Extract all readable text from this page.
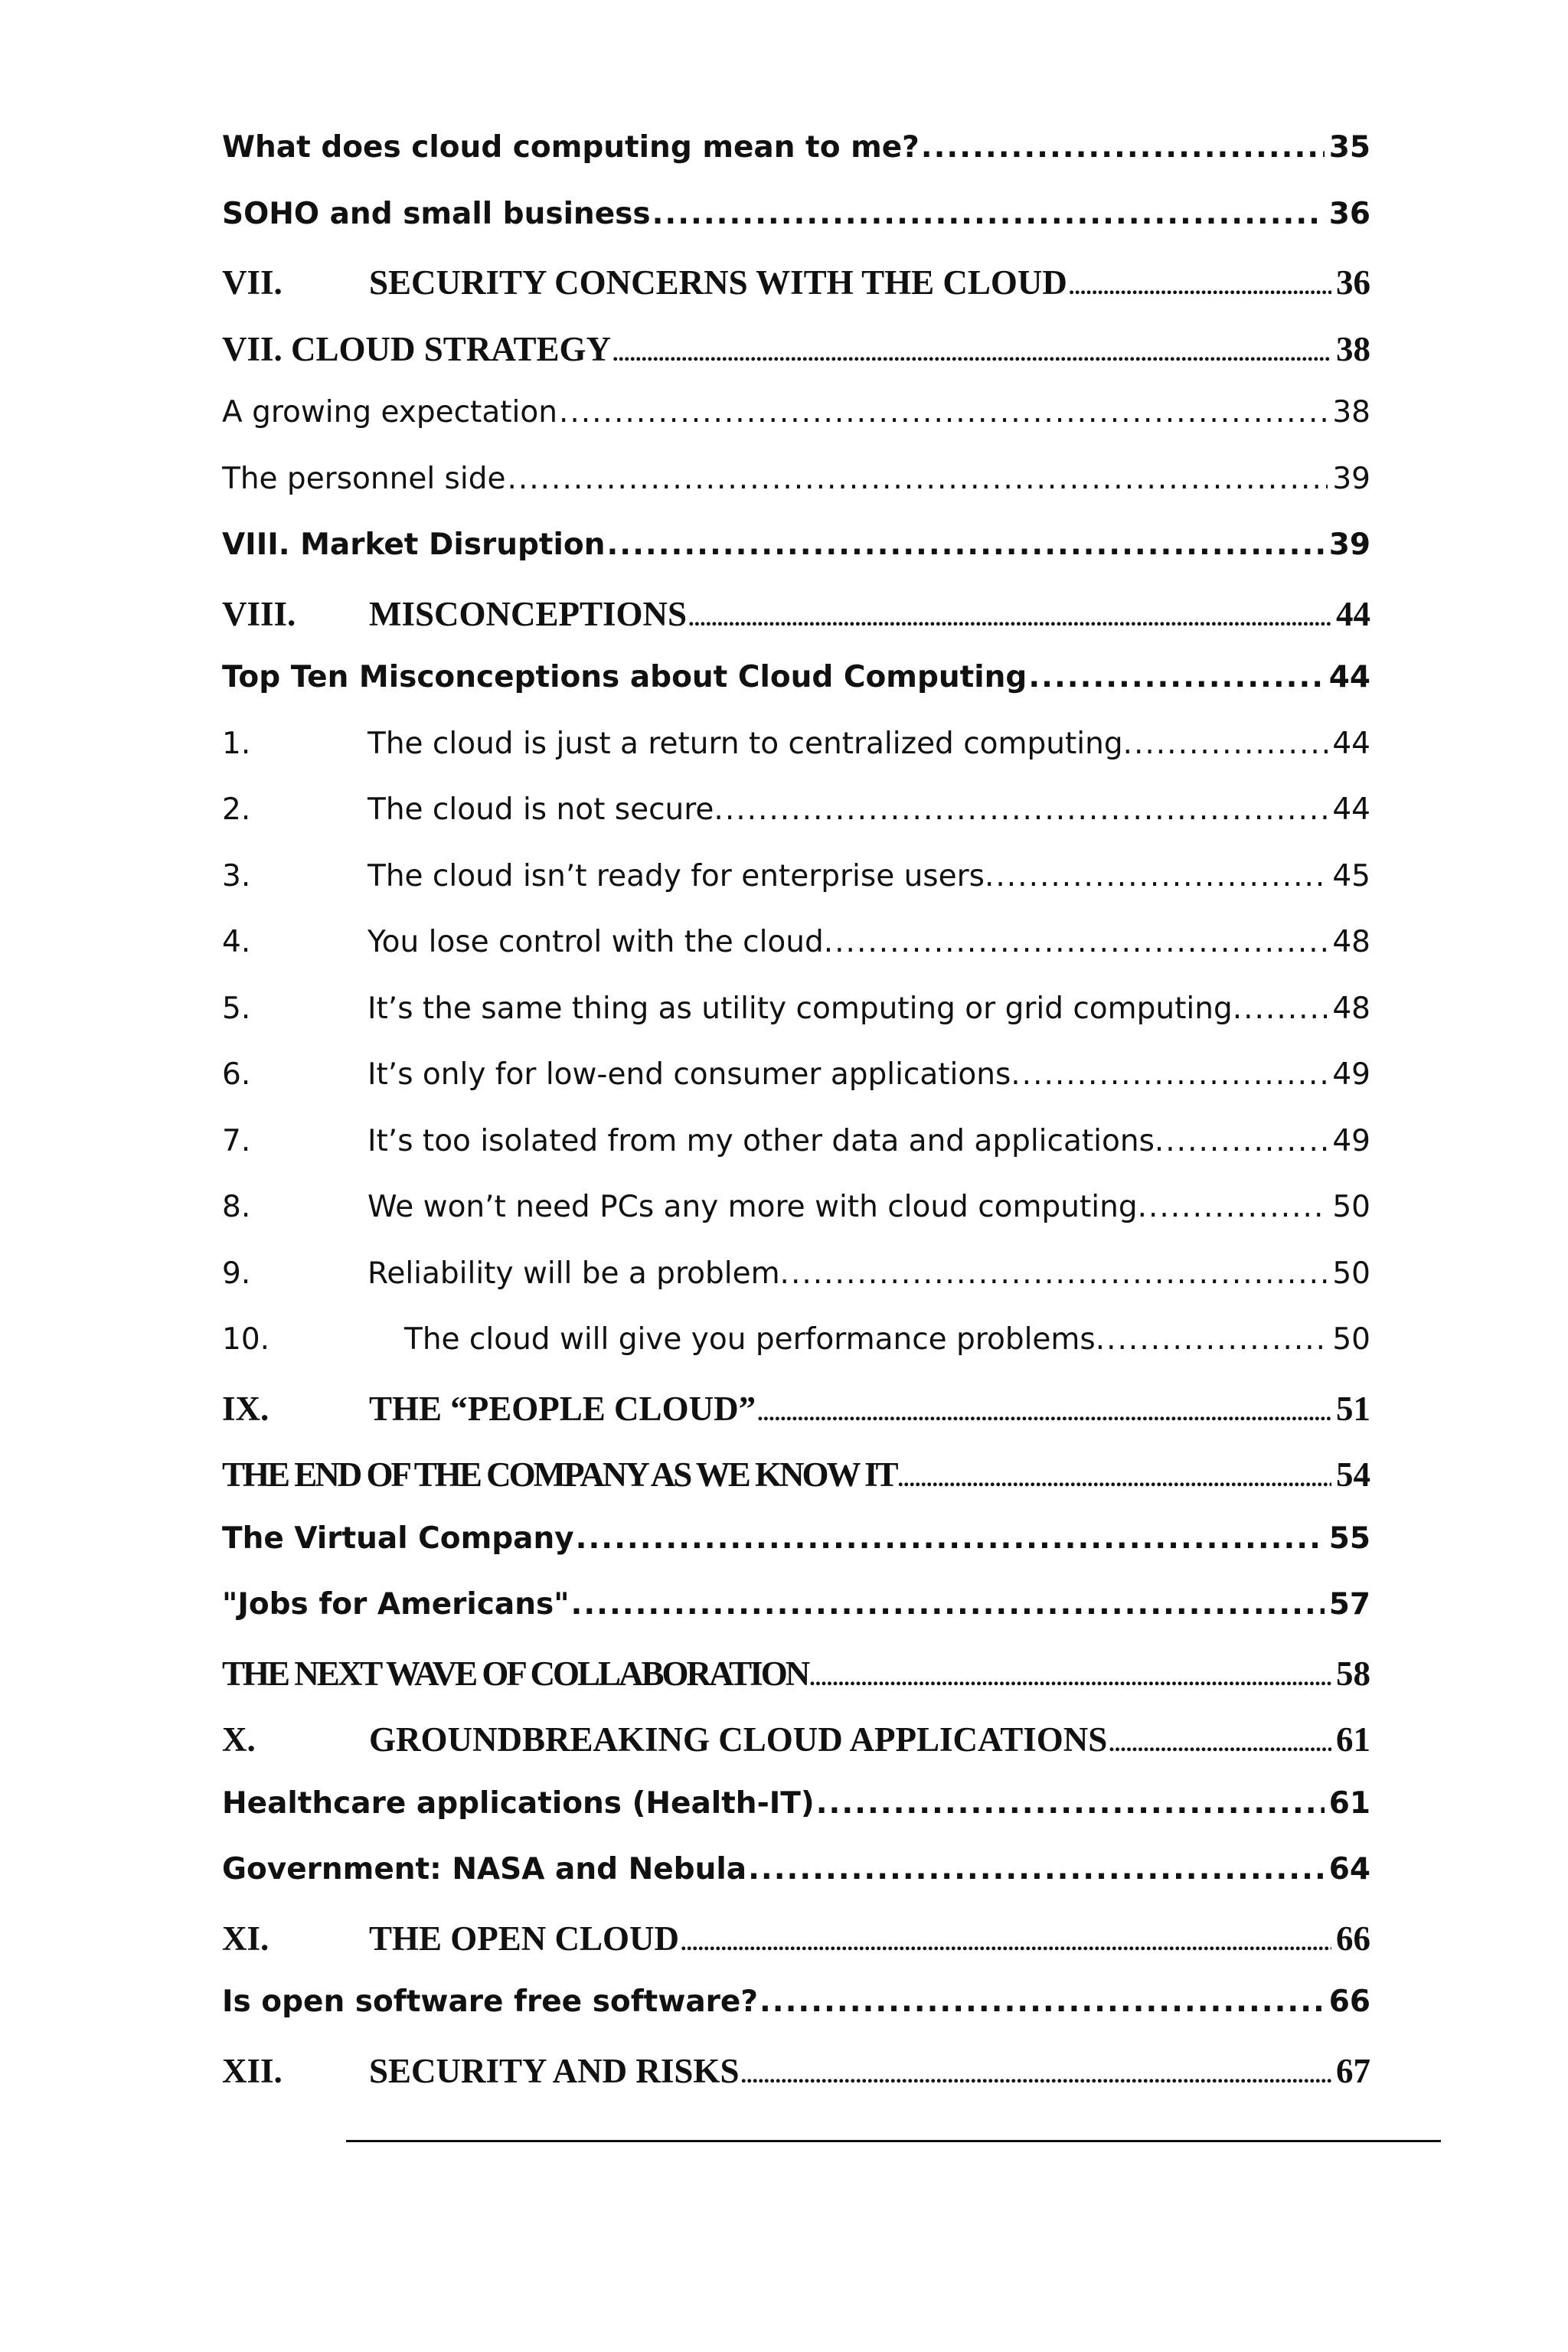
What does cloud computing mean to me? .....	35
SOHO and small business .....	36
VII.	SECURITY CONCERNS WITH THE CLOUD .....	36
VII. CLOUD STRATEGY .....	38
A growing expectation .....	38
The personnel side .....	39
VIII. Market Disruption .....	39
VIII.	MISCONCEPTIONS .....	44
Top Ten Misconceptions about Cloud Computing .....	44
1.	The cloud is just a return to centralized computing. .....	44
2.	The cloud is not secure. .....	44
3.	The cloud isn’t ready for enterprise users. .....	45
4.	You lose control with the cloud. .....	48
5.	It’s the same thing as utility computing or grid computing. .....	48
6.	It’s only for low-end consumer applications. .....	49
7.	It’s too isolated from my other data and applications. .....	49
8.	We won’t need PCs any more with cloud computing. .....	50
9.	Reliability will be a problem. .....	50
10.	The cloud will give you performance problems. .....	50
IX.	THE “PEOPLE CLOUD” .....	51
THE END OF THE COMPANY AS WE KNOW IT .....	54
The Virtual Company .....	55
"Jobs for Americans" .....	57
THE NEXT WAVE OF COLLABORATION .....	58
X.	GROUNDBREAKING CLOUD APPLICATIONS .....	61
Healthcare applications (Health-IT) .....	61
Government: NASA and Nebula .....	64
XI.	THE OPEN CLOUD .....	66
Is open software free software? .....	66
XII.	SECURITY AND RISKS .....	67
